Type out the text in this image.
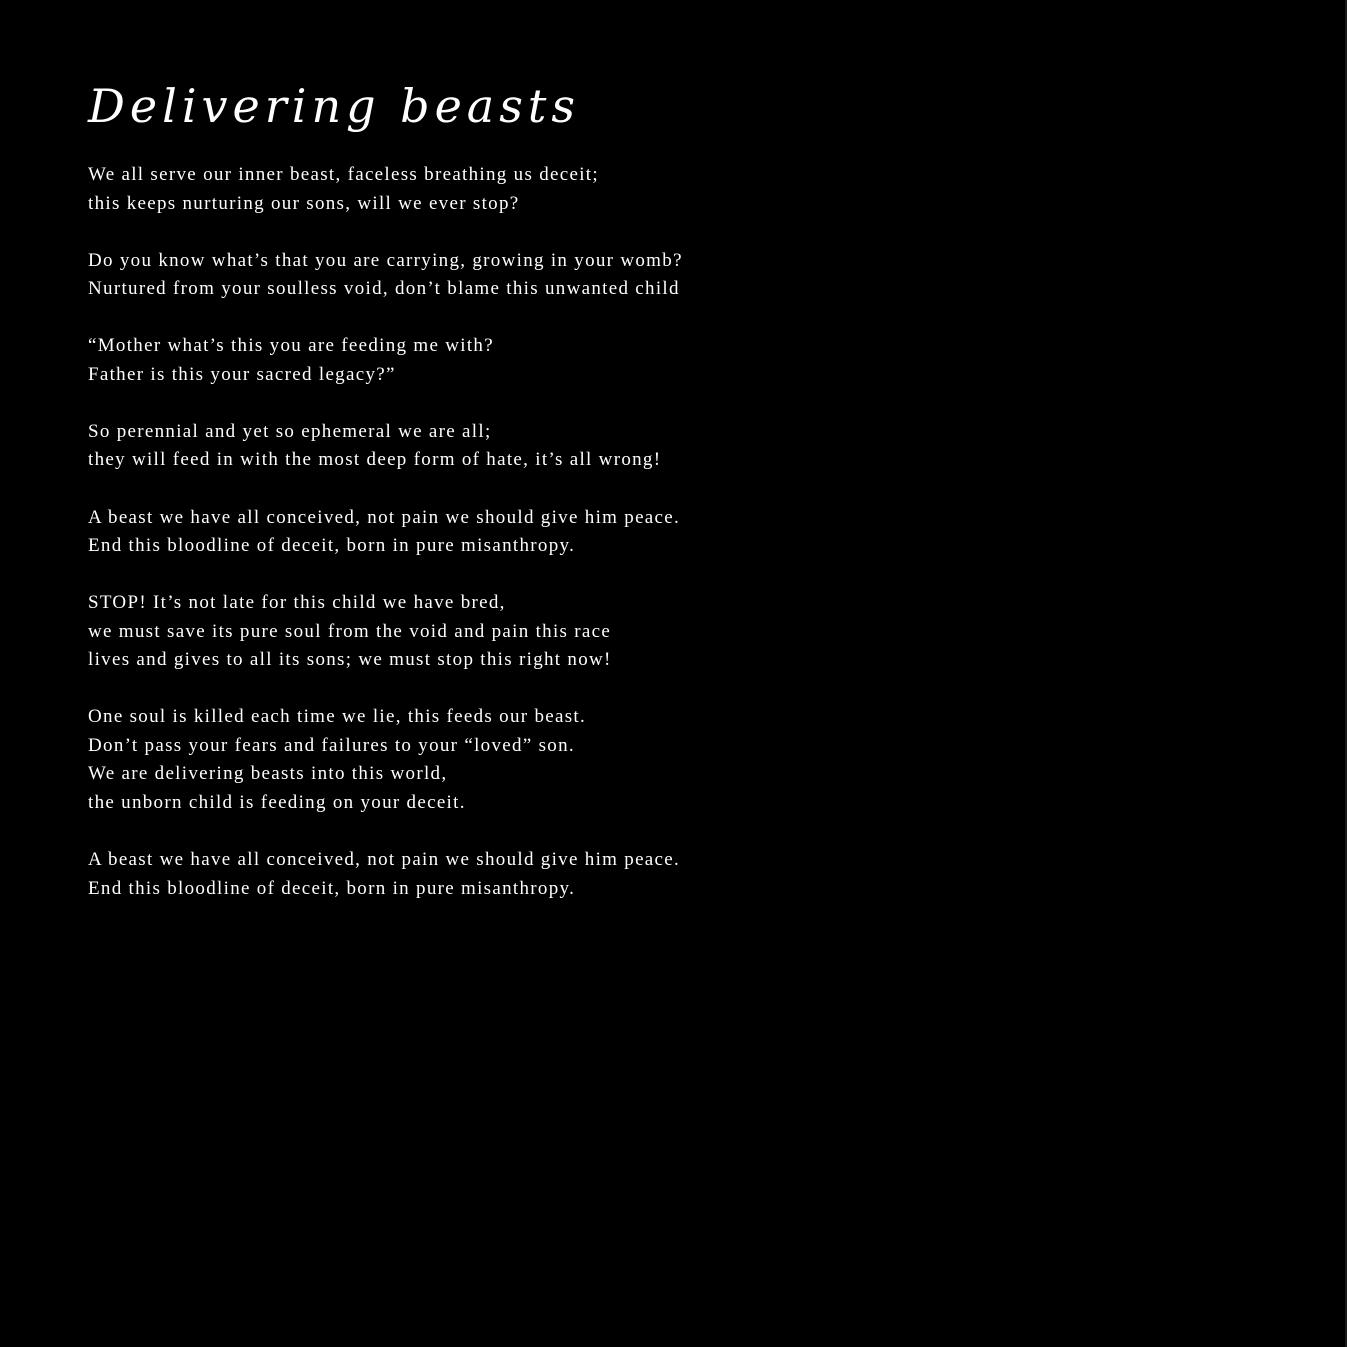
Delivering beasts
We all serve our inner beast, faceless breathing us deceit;
this keeps nurturing our sons, will we ever stop?
Do you know what’s that you are carrying, growing in your womb?
Nurtured from your soulless void, don’t blame this unwanted child
“Mother what’s this you are feeding me with?
Father is this your sacred legacy?”
So perennial and yet so ephemeral we are all;
they will feed in with the most deep form of hate, it’s all wrong!
A beast we have all conceived, not pain we should give him peace.
End this bloodline of deceit, born in pure misanthropy.
STOP! It’s not late for this child we have bred,
we must save its pure soul from the void and pain this race
lives and gives to all its sons; we must stop this right now!
One soul is killed each time we lie, this feeds our beast.
Don’t pass your fears and failures to your “loved” son.
We are delivering beasts into this world,
the unborn child is feeding on your deceit.
A beast we have all conceived, not pain we should give him peace.
End this bloodline of deceit, born in pure misanthropy.
